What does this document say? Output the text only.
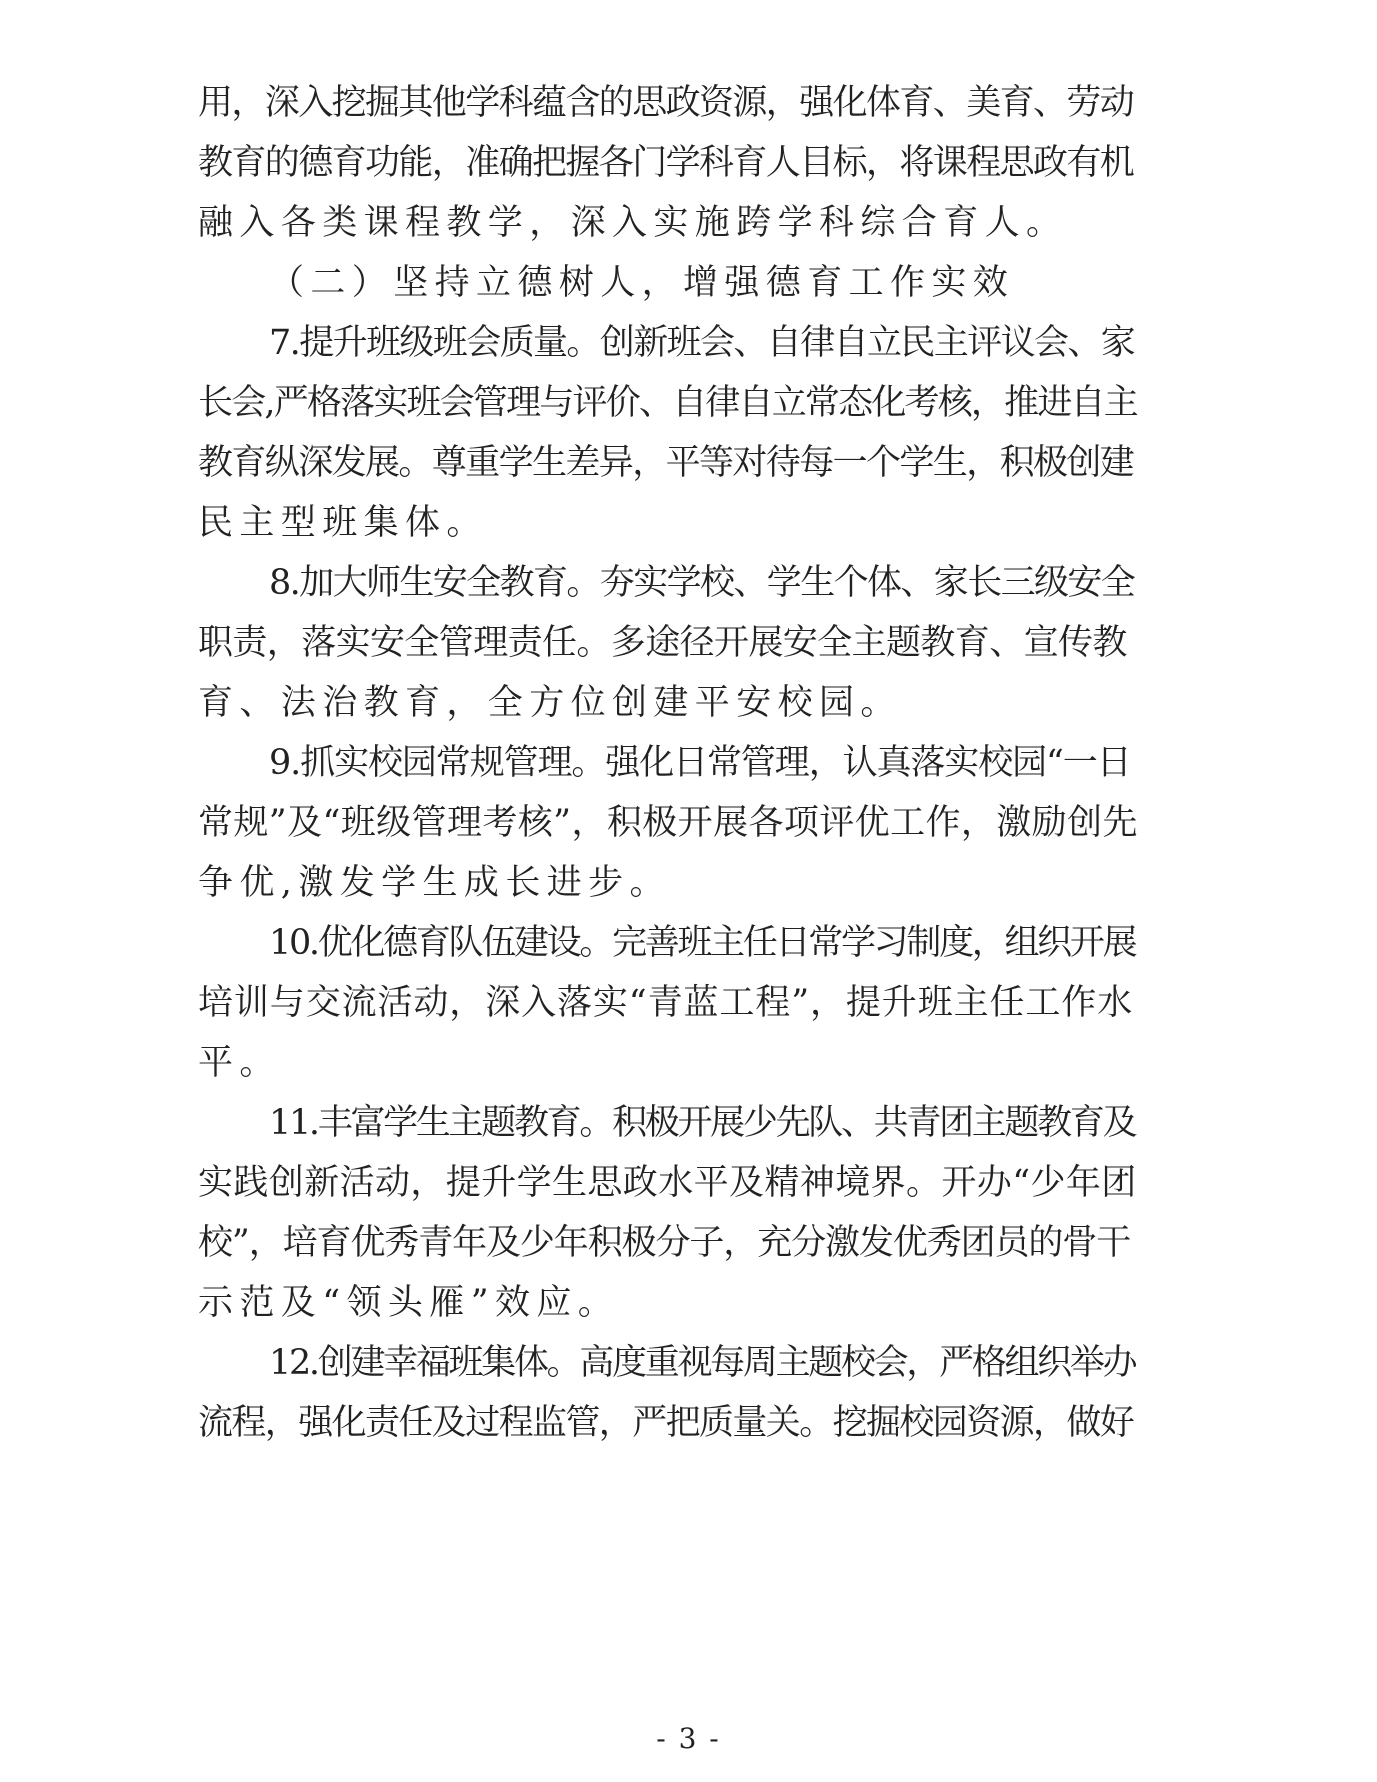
用，深入挖掘其他学科蕴含的思政资源，强化体育、美育、劳动
教育的德育功能，准确把握各门学科育人目标，将课程思政有机
融入各类课程教学，深入实施跨学科综合育人。
（二）坚持立德树人，增强德育工作实效
7.提升班级班会质量。创新班会、自律自立民主评议会、家
长会,严格落实班会管理与评价、自律自立常态化考核，推进自主
教育纵深发展。尊重学生差异，平等对待每一个学生，积极创建
民主型班集体。
8.加大师生安全教育。夯实学校、学生个体、家长三级安全
职责，落实安全管理责任。多途径开展安全主题教育、宣传教
育、法治教育，全方位创建平安校园。
9.抓实校园常规管理。强化日常管理，认真落实校园“一日
常规”及“班级管理考核”，积极开展各项评优工作，激励创先
争优,激发学生成长进步。
10.优化德育队伍建设。完善班主任日常学习制度，组织开展
培训与交流活动，深入落实“青蓝工程”，提升班主任工作水
平。
11.丰富学生主题教育。积极开展少先队、共青团主题教育及
实践创新活动，提升学生思政水平及精神境界。开办“少年团
校”，培育优秀青年及少年积极分子，充分激发优秀团员的骨干
示范及“领头雁”效应。
12.创建幸福班集体。高度重视每周主题校会，严格组织举办
流程，强化责任及过程监管，严把质量关。挖掘校园资源，做好
- 3 -
